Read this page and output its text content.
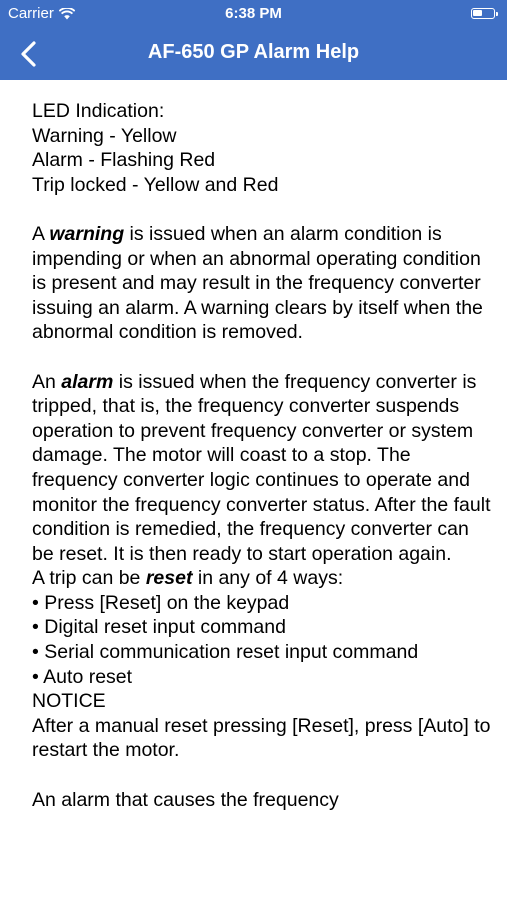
Carrier	6:38 PM
AF-650 GP Alarm Help

LED Indication:

Warning - Yellow

Alarm - Flashing Red

Trip locked - Yellow and Red

A warning is issued when an alarm condition is impending or when an abnormal operating condition is present and may result in the frequency converter issuing an alarm. A warning clears by itself when the abnormal condition is removed.

An alarm is issued when the frequency converter is tripped, that is, the frequency converter suspends operation to prevent frequency converter or system damage. The motor will coast to a stop. The frequency converter logic continues to operate and monitor the frequency converter status. After the fault condition is remedied, the frequency converter can be reset. It is then ready to start operation again.

A trip can be reset in any of 4 ways:

• Press [Reset] on the keypad

• Digital reset input command

• Serial communication reset input command

• Auto reset

NOTICE

After a manual reset pressing [Reset], press [Auto] to restart the motor.

An alarm that causes the frequency
